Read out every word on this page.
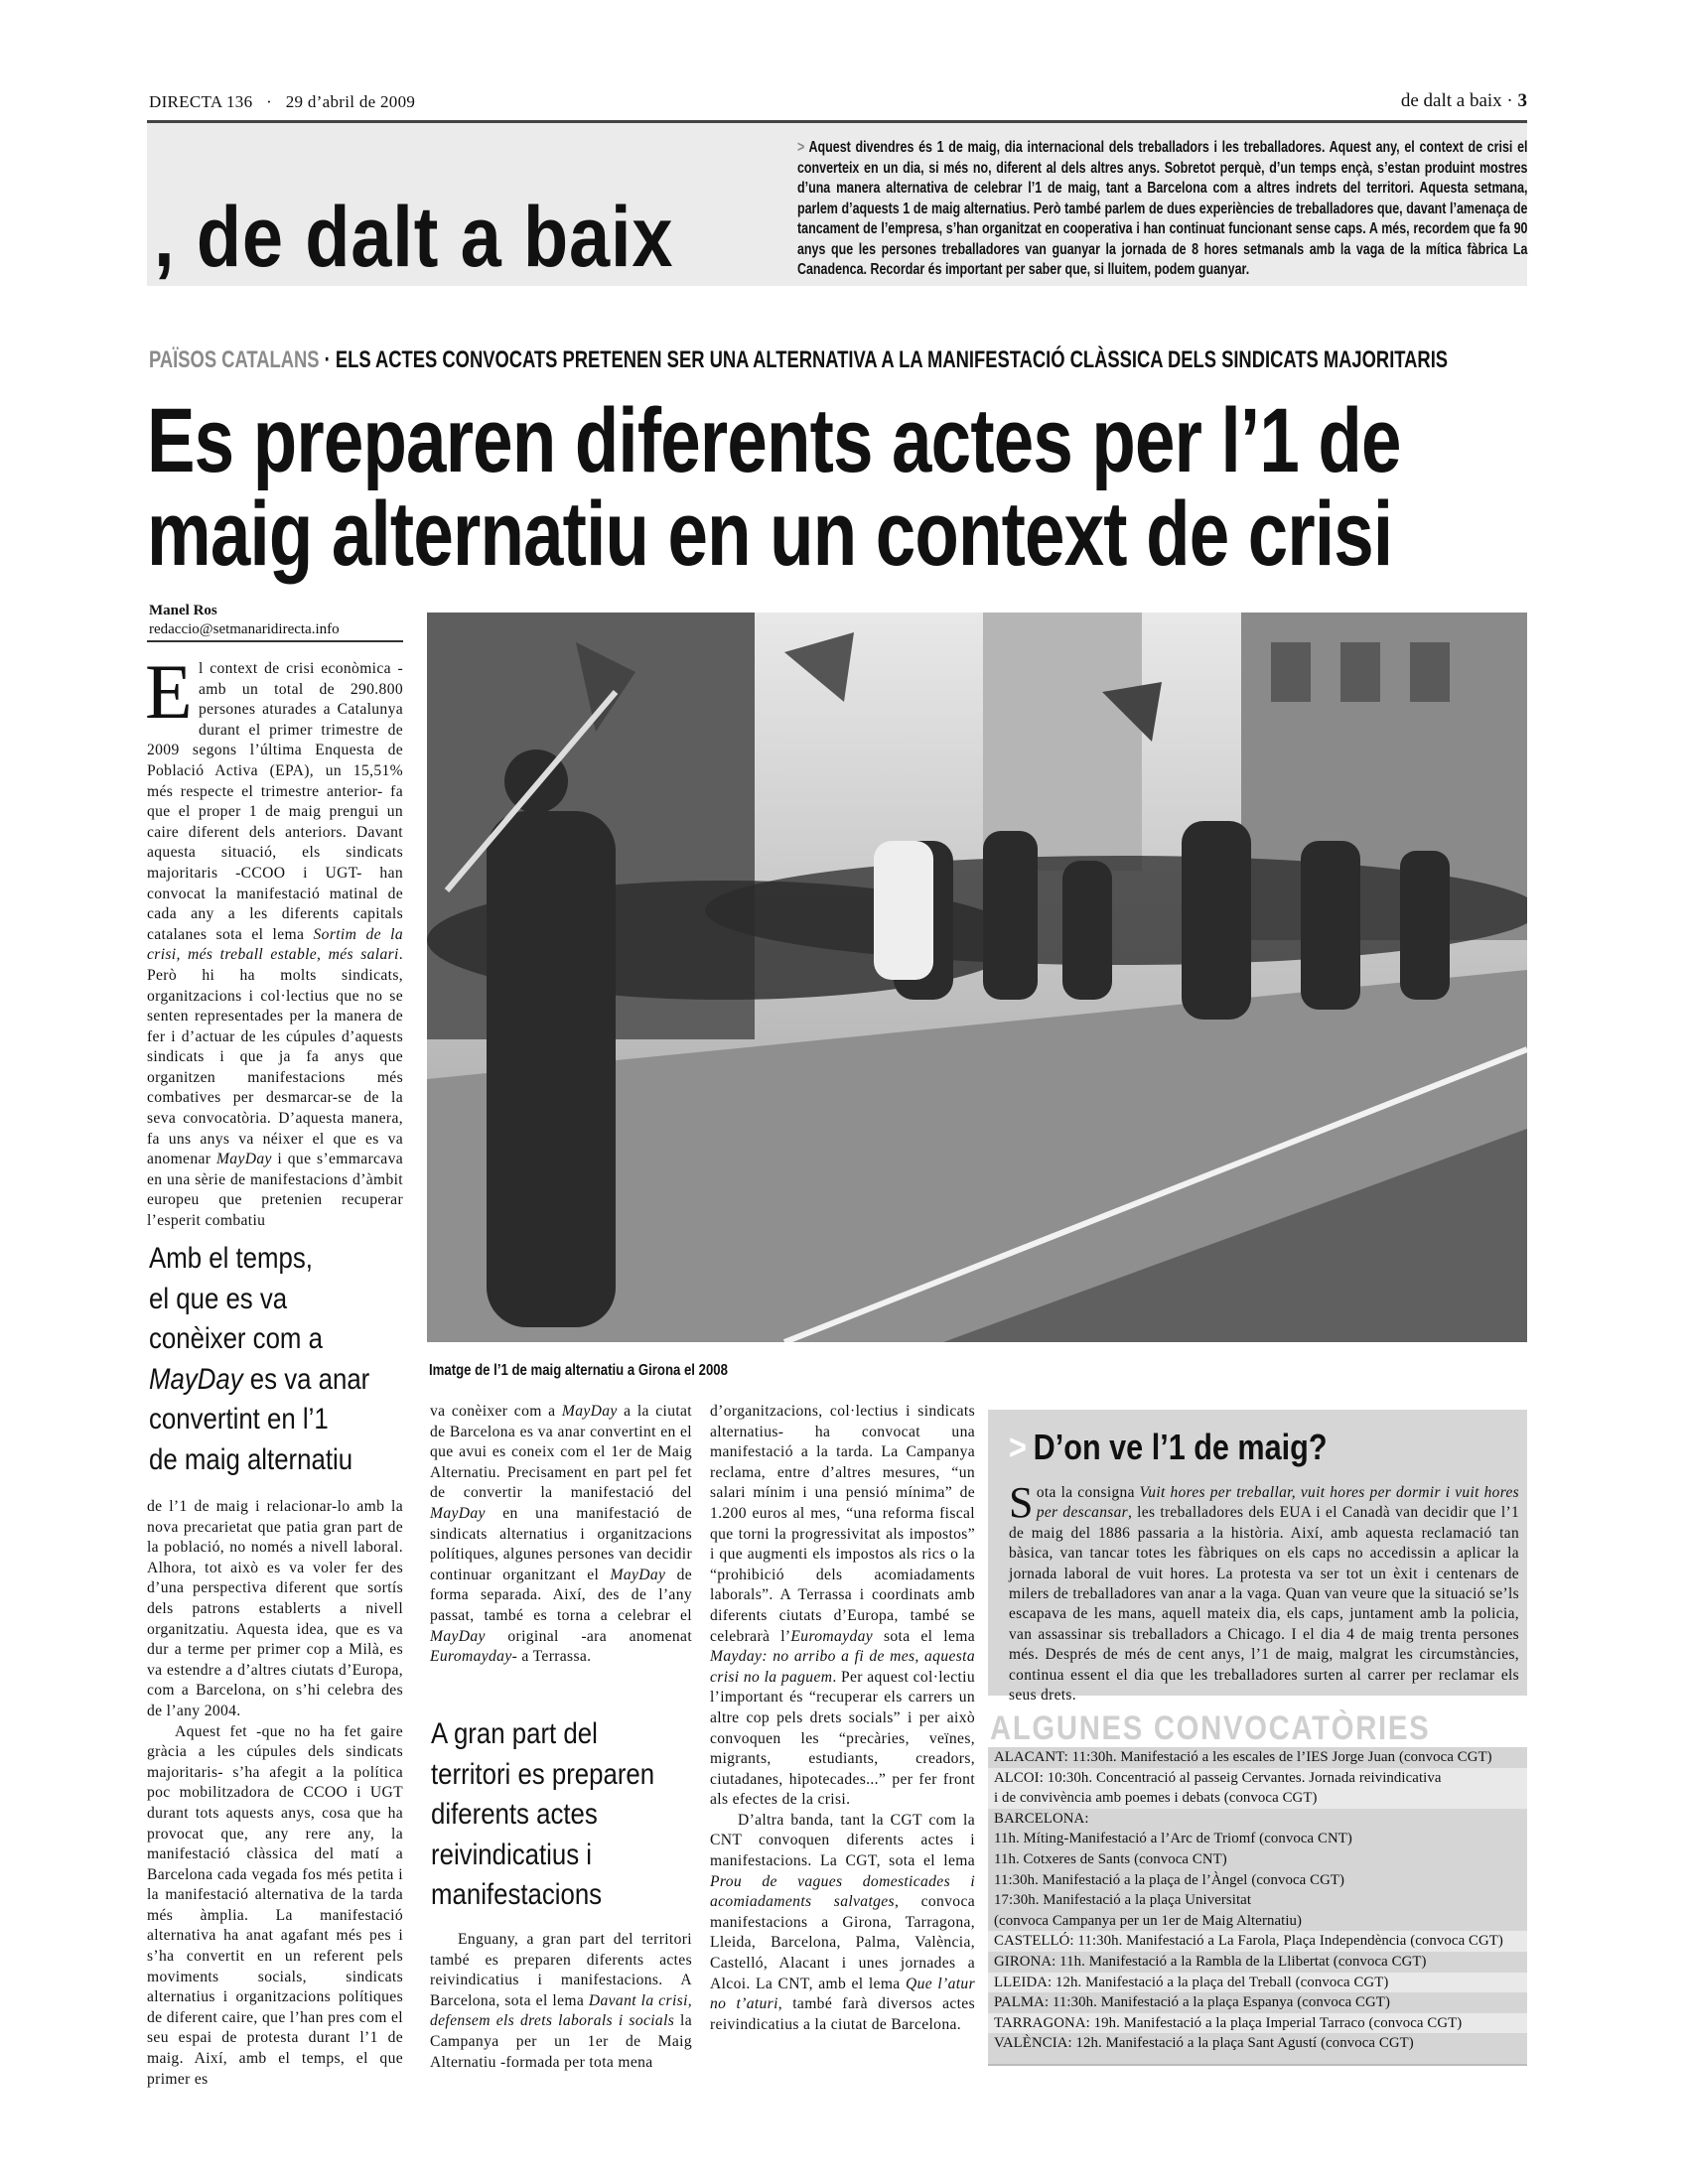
DIRECTA 136 · 29 d’abril de 2009	de dalt a baix · 3
, de dalt a baix
> Aquest divendres és 1 de maig, dia internacional dels treballadors i les treballadores. Aquest any, el context de crisi el converteix en un dia, si més no, diferent al dels altres anys. Sobretot perquè, d’un temps ençà, s’estan produint mostres d’una manera alternativa de celebrar l’1 de maig, tant a Barcelona com a altres indrets del territori. Aquesta setmana, parlem d’aquests 1 de maig alternatius. Però també parlem de dues experiències de treballadores que, davant l’amenaça de tancament de l’empresa, s’han organitzat en cooperativa i han continuat funcionant sense caps. A més, recordem que fa 90 anys que les persones treballadores van guanyar la jornada de 8 hores setmanals amb la vaga de la mítica fàbrica La Canadenca. Recordar és important per saber que, si lluitem, podem guanyar.
PAÏSOS CATALANS · ELS ACTES CONVOCATS PRETENEN SER UNA ALTERNATIVA A LA MANIFESTACIÓ CLÀSSICA DELS SINDICATS MAJORITARIS
Es preparen diferents actes per l’1 de
maig alternatiu en un context de crisi
Manel Ros
redaccio@setmanaridirecta.info
E l context de crisi econòmica -amb un total de 290.800 persones aturades a Catalunya durant el primer trimestre de 2009 segons l’última Enquesta de Població Activa (EPA), un 15,51% més respecte el trimestre anterior- fa que el proper 1 de maig prengui un caire diferent dels anteriors. Davant aquesta situació, els sindicats majoritaris -CCOO i UGT- han convocat la manifestació matinal de cada any a les diferents capitals catalanes sota el lema Sortim de la crisi, més treball estable, més salari. Però hi ha molts sindicats, organitzacions i col·lectius que no se senten representades per la manera de fer i d’actuar de les cúpules d’aquests sindicats i que ja fa anys que organitzen manifestacions més combatives per desmarcar-se de la seva convocatòria. D’aquesta manera, fa uns anys va néixer el que es va anomenar MayDay i que s’emmarcava en una sèrie de manifestacions d’àmbit europeu que pretenien recuperar l’esperit combatiu

Imatge de l’1 de maig alternatiu a Girona el 2008
Amb el temps,
el que es va
conèixer com a
MayDay es va anar
convertint en l’1
de maig alternatiu

de l’1 de maig i relacionar-lo amb la nova precarietat que patia gran part de la població, no només a nivell laboral. Alhora, tot això es va voler fer des d’una perspectiva diferent que sortís dels patrons establerts a nivell organitzatiu. Aquesta idea, que es va dur a terme per primer cop a Milà, es va estendre a d’altres ciutats d’Europa, com a Barcelona, on s’hi celebra des de l’any 2004.

Aquest fet -que no ha fet gaire gràcia a les cúpules dels sindicats majoritaris- s’ha afegit a la política poc mobilitzadora de CCOO i UGT durant tots aquests anys, cosa que ha provocat que, any rere any, la manifestació clàssica del matí a Barcelona cada vegada fos més petita i la manifestació alternativa de la tarda més àmplia. La manifestació alternativa ha anat agafant més pes i s’ha convertit en un referent pels moviments socials, sindicats alternatius i organitzacions polítiques de diferent caire, que l’han pres com el seu espai de protesta durant l’1 de maig. Així, amb el temps, el que primer es

va conèixer com a MayDay a la ciutat de Barcelona es va anar convertint en el que avui es coneix com el 1er de Maig Alternatiu. Precisament en part pel fet de convertir la manifestació del MayDay en una manifestació de sindicats alternatius i organitzacions polítiques, algunes persones van decidir continuar organitzant el MayDay de forma separada. Així, des de l’any passat, també es torna a celebrar el MayDay original -ara anomenat Euromayday- a Terrassa.

A gran part del
territori es preparen
diferents actes
reivindicatius i
manifestacions

Enguany, a gran part del territori també es preparen diferents actes reivindicatius i manifestacions. A Barcelona, sota el lema Davant la crisi, defensem els drets laborals i socials la Campanya per un 1er de Maig Alternatiu -formada per tota mena

d’organitzacions, col·lectius i sindicats alternatius- ha convocat una manifestació a la tarda. La Campanya reclama, entre d’altres mesures, “un salari mínim i una pensió mínima” de 1.200 euros al mes, “una reforma fiscal que torni la progressivitat als impostos” i que augmenti els impostos als rics o la “prohibició dels acomiadaments laborals”. A Terrassa i coordinats amb diferents ciutats d’Europa, també se celebrarà l’Euromayday sota el lema Mayday: no arribo a fi de mes, aquesta crisi no la paguem. Per aquest col·lectiu l’important és “recuperar els carrers un altre cop pels drets socials” i per això convoquen les “precàries, veïnes, migrants, estudiants, creadors, ciutadanes, hipotecades...” per fer front als efectes de la crisi.

D’altra banda, tant la CGT com la CNT convoquen diferents actes i manifestacions. La CGT, sota el lema Prou de vagues domesticades i acomiadaments salvatges, convoca manifestacions a Girona, Tarragona, Lleida, Barcelona, Palma, València, Castelló, Alacant i unes jornades a Alcoi. La CNT, amb el lema Que l’atur no t’aturi, també farà diversos actes reivindicatius a la ciutat de Barcelona.

> D’on ve l’1 de maig?
S ota la consigna Vuit hores per treballar, vuit hores per dormir i vuit hores per descansar, les treballadores dels EUA i el Canadà van decidir que l’1 de maig del 1886 passaria a la història. Així, amb aquesta reclamació tan bàsica, van tancar totes les fàbriques on els caps no accedissin a aplicar la jornada laboral de vuit hores. La protesta va ser tot un èxit i centenars de milers de treballadores van anar a la vaga. Quan van veure que la situació se’ls escapava de les mans, aquell mateix dia, els caps, juntament amb la policia, van assassinar sis treballadors a Chicago. I el dia 4 de maig trenta persones més. Després de més de cent anys, l’1 de maig, malgrat les circumstàncies, continua essent el dia que les treballadores surten al carrer per reclamar els seus drets.

ALGUNES CONVOCATÒRIES
ALACANT: 11:30h. Manifestació a les escales de l’IES Jorge Juan (convoca CGT)
ALCOI: 10:30h. Concentració al passeig Cervantes. Jornada reivindicativa
i de convivència amb poemes i debats (convoca CGT)
BARCELONA:
11h. Míting-Manifestació a l’Arc de Triomf (convoca CNT)
11h. Cotxeres de Sants (convoca CNT)
11:30h. Manifestació a la plaça de l’Àngel (convoca CGT)
17:30h. Manifestació a la plaça Universitat
(convoca Campanya per un 1er de Maig Alternatiu)
CASTELLÓ: 11:30h. Manifestació a La Farola, Plaça Independència (convoca CGT)
GIRONA: 11h. Manifestació a la Rambla de la Llibertat (convoca CGT)
LLEIDA: 12h. Manifestació a la plaça del Treball (convoca CGT)
PALMA: 11:30h. Manifestació a la plaça Espanya (convoca CGT)
TARRAGONA: 19h. Manifestació a la plaça Imperial Tarraco (convoca CGT)
VALÈNCIA: 12h. Manifestació a la plaça Sant Agustí (convoca CGT)
